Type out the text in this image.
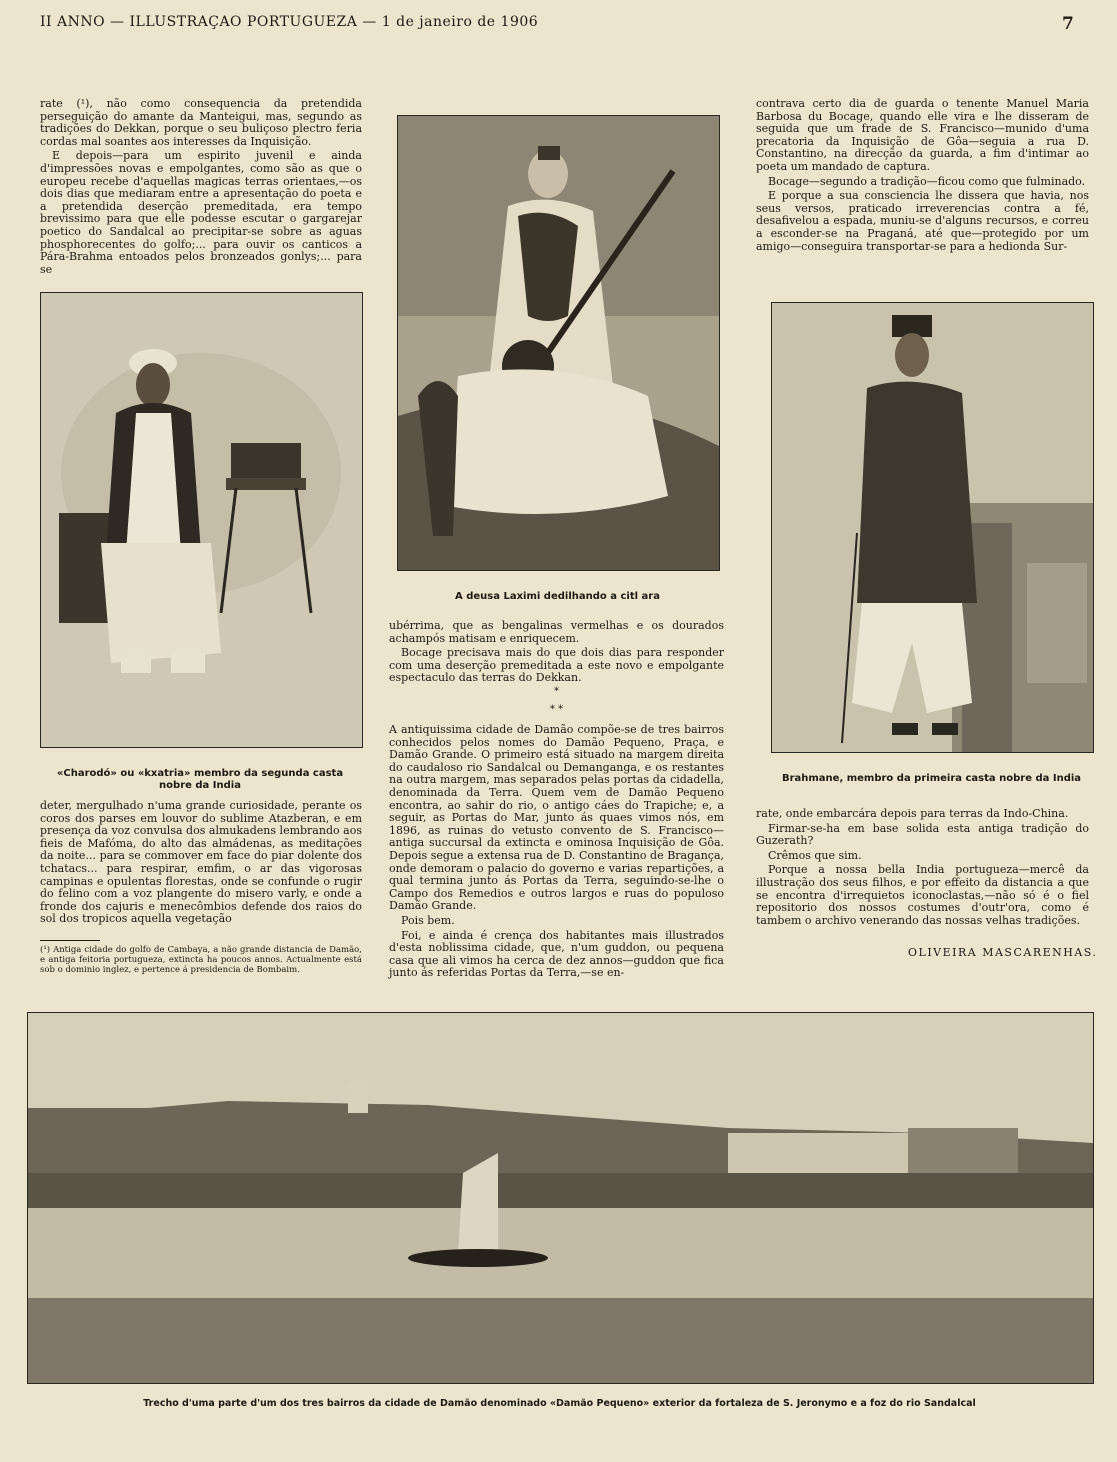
II ANNO — ILLUSTRAÇAO PORTUGUEZA — 1 de janeiro de 1906	7

rate (¹), não como consequencia da pretendida perseguição do amante da Manteigui, mas, segundo as tradições do Dekkan, porque o seu buliçoso plectro feria cordas mal soantes aos interesses da Inquisição.

E depois—para um espirito juvenil e ainda d'impressões novas e empolgantes, como são as que o europeu recebe d'aquellas magicas terras orientaes,—os dois dias que mediaram entre a apresentação do poeta e a pretendida deserção premeditada, era tempo brevissimo para que elle podesse escutar o gargarejar poetico do Sandalcal ao precipitar-se sobre as aguas phosphorecentes do golfo;... para ouvir os canticos a Pára-Brahma entoados pelos bronzeados gonlys;... para se

«Charodó» ou «kxatria» membro da segunda casta nobre da India

deter, mergulhado n'uma grande curiosidade, perante os coros dos parses em louvor do sublime Atazberan, e em presença da voz convulsa dos almukadens lembrando aos fieis de Mafóma, do alto das almádenas, as meditações da noite... para se commover em face do piar dolente dos tchatacs... para respirar, emfim, o ar das vigorosas campinas e opulentas florestas, onde se confunde o rugir do felino com a voz plangente do misero varly, e onde a fronde dos cajuris e menecômbios defende dos raios do sol dos tropicos aquella vegetação

(¹) Antiga cidade do golfo de Cambaya, a não grande distancia de Damão, e antiga feitoria portugueza, extincta ha poucos annos. Actualmente está sob o dominio inglez, e pertence á presidencia de Bombaim.
A deusa Laximi dedilhando a citl ara

ubérrima, que as bengalinas vermelhas e os dourados achampós matisam e enriquecem.

Bocage precisava mais do que dois dias para responder com uma deserção premeditada a este novo e empolgante espectaculo das terras do Dekkan.

*
* *

A antiquissima cidade de Damão compõe-se de tres bairros conhecidos pelos nomes do Damão Pequeno, Praça, e Damão Grande. O primeiro está situado na margem direita do caudaloso rio Sandalcal ou Demanganga, e os restantes na outra margem, mas separados pelas portas da cidadella, denominada da Terra. Quem vem de Damão Pequeno encontra, ao sahir do rio, o antigo cáes do Trapiche; e, a seguir, as Portas do Mar, junto ás quaes vimos nós, em 1896, as ruinas do vetusto convento de S. Francisco—antiga succursal da extincta e ominosa Inquisição de Gôa. Depois segue a extensa rua de D. Constantino de Bragança, onde demoram o palacio do governo e varias repartições, a qual termina junto ás Portas da Terra, seguindo-se-lhe o Campo dos Remedios e outros largos e ruas do populoso Damão Grande.

Pois bem.

Foi, e ainda é crença dos habitantes mais illustrados d'esta noblissima cidade, que, n'um guddon, ou pequena casa que ali vimos ha cerca de dez annos—guddon que fica junto ás referidas Portas da Terra,—se en-

contrava certo dia de guarda o tenente Manuel Maria Barbosa du Bocage, quando elle vira e lhe disseram de seguida que um frade de S. Francisco—munido d'uma precatoria da Inquisição de Gôa—seguia a rua D. Constantino, na direcção da guarda, a fim d'intimar ao poeta um mandado de captura.

Bocage—segundo a tradição—ficou como que fulminado.

E porque a sua consciencia lhe dissera que havia, nos seus versos, praticado irreverencias contra a fé, desafivelou a espada, muniu-se d'alguns recursos, e correu a esconder-se na Praganá, até que—protegido por um amigo—conseguira transportar-se para a hedionda Sur-

Brahmane, membro da primeira casta nobre da India

rate, onde embarcára depois para terras da Indo-China.

Firmar-se-ha em base solida esta antiga tradição do Guzerath?

Crêmos que sim.

Porque a nossa bella India portugueza—mercê da illustração dos seus filhos, e por effeito da distancia a que se encontra d'irrequietos iconoclastas,—não só é o fiel repositorio dos nossos costumes d'outr'ora, como é tambem o archivo venerando das nossas velhas tradições.

OLIVEIRA MASCARENHAS.
Trecho d'uma parte d'um dos tres bairros da cidade de Damão denominado «Damão Pequeno» exterior da fortaleza de S. Jeronymo e a foz do rio Sandalcal
